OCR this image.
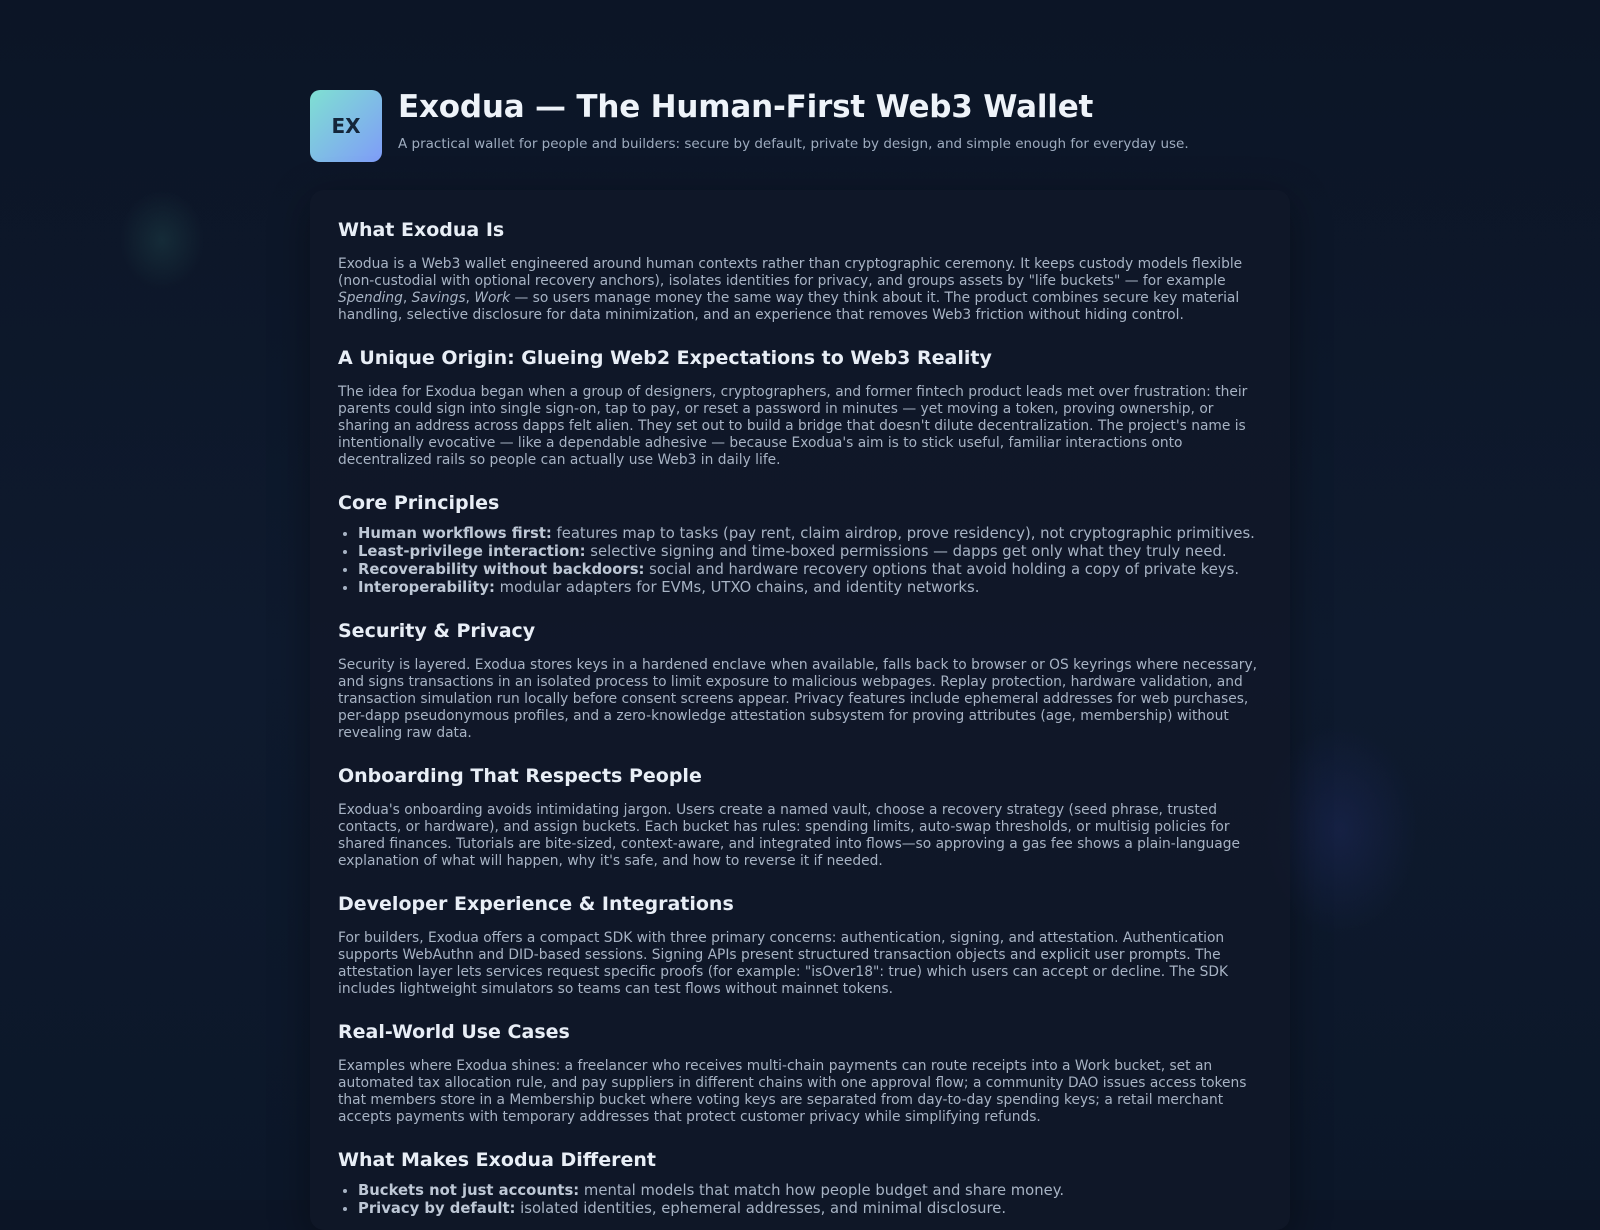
EX
Exodua — The Human-First Web3 Wallet
A practical wallet for people and builders: secure by default, private by design, and simple enough for everyday use.
What Exodua Is

Exodua is a Web3 wallet engineered around human contexts rather than cryptographic ceremony. It keeps custody models flexible (non-custodial with optional recovery anchors), isolates identities for privacy, and groups assets by "life buckets" — for example Spending, Savings, Work — so users manage money the same way they think about it. The product combines secure key material handling, selective disclosure for data minimization, and an experience that removes Web3 friction without hiding control.

A Unique Origin: Glueing Web2 Expectations to Web3 Reality

The idea for Exodua began when a group of designers, cryptographers, and former fintech product leads met over frustration: their parents could sign into single sign-on, tap to pay, or reset a password in minutes — yet moving a token, proving ownership, or sharing an address across dapps felt alien. They set out to build a bridge that doesn't dilute decentralization. The project's name is intentionally evocative — like a dependable adhesive — because Exodua's aim is to stick useful, familiar interactions onto decentralized rails so people can actually use Web3 in daily life.

Core Principles
• Human workflows first: features map to tasks (pay rent, claim airdrop, prove residency), not cryptographic primitives.
• Least-privilege interaction: selective signing and time-boxed permissions — dapps get only what they truly need.
• Recoverability without backdoors: social and hardware recovery options that avoid holding a copy of private keys.
• Interoperability: modular adapters for EVMs, UTXO chains, and identity networks.
Security & Privacy

Security is layered. Exodua stores keys in a hardened enclave when available, falls back to browser or OS keyrings where necessary, and signs transactions in an isolated process to limit exposure to malicious webpages. Replay protection, hardware validation, and transaction simulation run locally before consent screens appear. Privacy features include ephemeral addresses for web purchases, per-dapp pseudonymous profiles, and a zero-knowledge attestation subsystem for proving attributes (age, membership) without revealing raw data.

Onboarding That Respects People

Exodua's onboarding avoids intimidating jargon. Users create a named vault, choose a recovery strategy (seed phrase, trusted contacts, or hardware), and assign buckets. Each bucket has rules: spending limits, auto-swap thresholds, or multisig policies for shared finances. Tutorials are bite-sized, context-aware, and integrated into flows—so approving a gas fee shows a plain-language explanation of what will happen, why it's safe, and how to reverse it if needed.

Developer Experience & Integrations

For builders, Exodua offers a compact SDK with three primary concerns: authentication, signing, and attestation. Authentication supports WebAuthn and DID-based sessions. Signing APIs present structured transaction objects and explicit user prompts. The attestation layer lets services request specific proofs (for example: "isOver18": true) which users can accept or decline. The SDK includes lightweight simulators so teams can test flows without mainnet tokens.

Real-World Use Cases

Examples where Exodua shines: a freelancer who receives multi-chain payments can route receipts into a Work bucket, set an automated tax allocation rule, and pay suppliers in different chains with one approval flow; a community DAO issues access tokens that members store in a Membership bucket where voting keys are separated from day-to-day spending keys; a retail merchant accepts payments with temporary addresses that protect customer privacy while simplifying refunds.

What Makes Exodua Different
• Buckets not just accounts: mental models that match how people budget and share money.
• Privacy by default: isolated identities, ephemeral addresses, and minimal disclosure.
